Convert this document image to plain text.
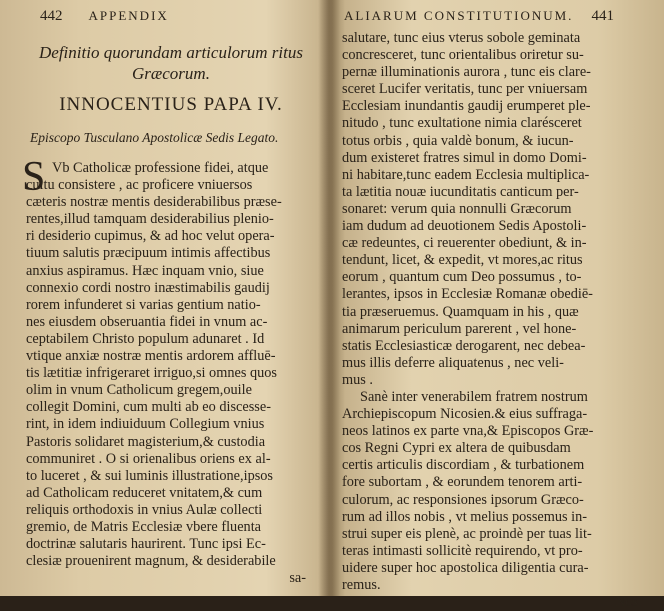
442 APPENDIX
Definitio quorundam articulorum ritus
Græcorum.
INNOCENTIUS PAPA IV.
Episcopo Tusculano Apostolicæ Sedis Legato.
S Vb Catholicæ professione fidei, atque
cultu consistere , ac proficere vniuersos
cæteris nostræ mentis desiderabilibus præse-
rentes,illud tamquam desiderabilius plenio-
ri desiderio cupimus, & ad hoc velut opera-
tiuum salutis præcipuum intimis affectibus
anxius aspiramus. Hæc inquam vnio, siue
connexio cordi nostro inæstimabilis gaudij
rorem infunderet si varias gentium natio-
nes eiusdem obseruantia fidei in vnum ac-
ceptabilem Christo populum adunaret . Id
vtique anxiæ nostræ mentis ardorem affluē-
tis lætitiæ infrigeraret irriguo,si omnes quos
olim in vnum Catholicum gregem,ouile
collegit Domini, cum multi ab eo discesse-
rint, in idem indiuiduum Collegium vnius
Pastoris solidaret magisterium,& custodia
communiret . O si orienalibus oriens ex al-
to luceret , & sui luminis illustratione,ipsos
ad Catholicam reduceret vnitatem,& cum
reliquis orthodoxis in vnius Aulæ collecti
gremio, de Matris Ecclesiæ vbere fluenta
doctrinæ salutaris haurirent. Tunc ipsi Ec-
clesiæ prouenirent magnum, & desiderabile
sa-
ALIARUM CONSTITUTIONUM. 441
salutare, tunc eius vterus sobole geminata
concresceret, tunc orientalibus oriretur su-
pernæ illuminationis aurora , tunc eis clare-
sceret Lucifer veritatis, tunc per vniuersam
Ecclesiam inundantis gaudij erumperet ple-
nitudo , tunc exultatione nimia clarésceret
totus orbis , quia valdè bonum, & iucun-
dum existeret fratres simul in domo Domi-
ni habitare,tunc eadem Ecclesia multiplica-
ta lætitia nouæ iucunditatis canticum per-
sonaret: verum quia nonnulli Græcorum
iam dudum ad deuotionem Sedis Apostoli-
cæ redeuntes, ci reuerenter obediunt, & in-
tendunt, licet, & expedit, vt mores,ac ritus
eorum , quantum cum Deo possumus , to-
lerantes, ipsos in Ecclesiæ Romanæ obediē-
tia præseruemus. Quamquam in his , quæ
animarum periculum parerent , vel hone-
statis Ecclesiasticæ derogarent, nec debea-
mus illis deferre aliquatenus , nec veli-
mus .
Sanè inter venerabilem fratrem nostrum
Archiepiscopum Nicosien.& eius suffraga-
neos latinos ex parte vna,& Episcopos Græ-
cos Regni Cypri ex altera de quibusdam
certis articulis discordiam , & turbationem
fore subortam , & eorundem tenorem arti-
culorum, ac responsiones ipsorum Græco-
rum ad illos nobis , vt melius possemus in-
strui super eis plenè, ac proindè per tuas lit-
teras intimasti sollicitè requirendo, vt pro-
uidere super hoc apostolica diligentia cura-
remus.
Nos
